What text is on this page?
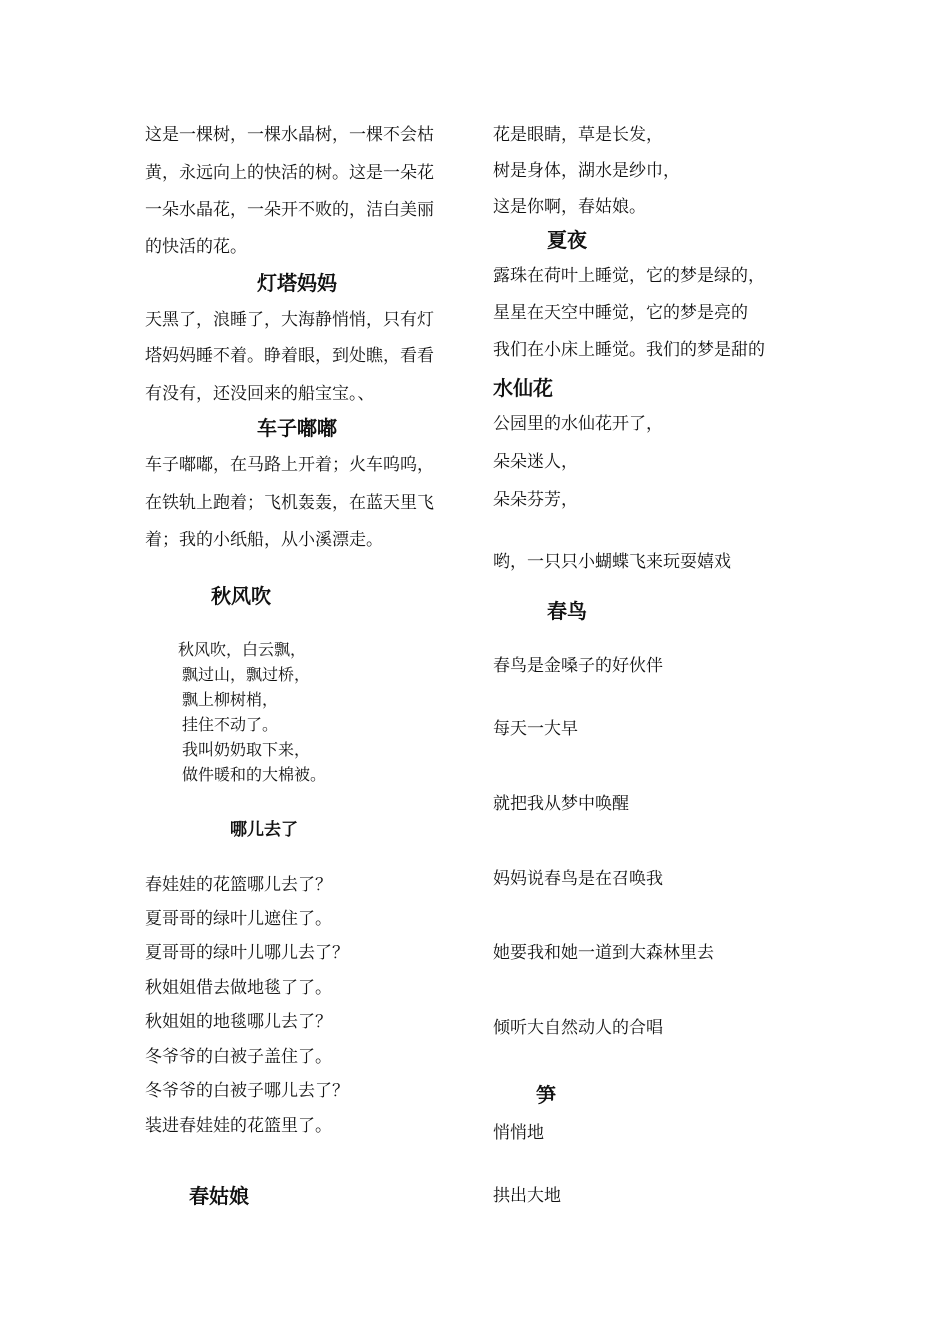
这是一棵树，一棵水晶树，一棵不会枯
黄，永远向上的快活的树。这是一朵花
一朵水晶花，一朵开不败的，洁白美丽
的快活的花。
灯塔妈妈
天黑了，浪睡了，大海静悄悄，只有灯
塔妈妈睡不着。睁着眼，到处瞧，看看
有没有，还没回来的船宝宝。、
车子嘟嘟
车子嘟嘟，在马路上开着；火车呜呜，
在铁轨上跑着；飞机轰轰，在蓝天里飞
着；我的小纸船，从小溪漂走。
秋风吹
秋风吹，白云飘，
飘过山，飘过桥，
飘上柳树梢，
挂住不动了。
我叫奶奶取下来，
做件暖和的大棉被。
哪儿去了
春娃娃的花篮哪儿去了？
夏哥哥的绿叶儿遮住了。
夏哥哥的绿叶儿哪儿去了？
秋姐姐借去做地毯了了。
秋姐姐的地毯哪儿去了？
冬爷爷的白被子盖住了。
冬爷爷的白被子哪儿去了？
装进春娃娃的花篮里了。
春姑娘
花是眼睛，草是长发，
树是身体，湖水是纱巾，
这是你啊，春姑娘。
夏夜
露珠在荷叶上睡觉，它的梦是绿的，
星星在天空中睡觉，它的梦是亮的
我们在小床上睡觉。我们的梦是甜的
水仙花
公园里的水仙花开了，
朵朵迷人，
朵朵芬芳，
哟，一只只小蝴蝶飞来玩耍嬉戏
春鸟
春鸟是金嗓子的好伙伴
每天一大早
就把我从梦中唤醒
妈妈说春鸟是在召唤我
她要我和她一道到大森林里去
倾听大自然动人的合唱
笋
悄悄地
拱出大地
